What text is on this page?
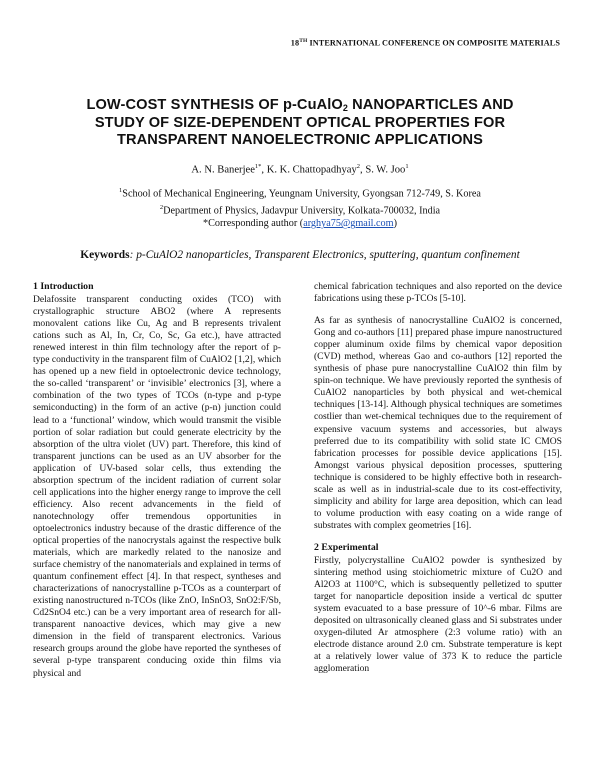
18TH INTERNATIONAL CONFERENCE ON COMPOSITE MATERIALS
LOW-COST SYNTHESIS OF p-CuAlO$_2$ NANOPARTICLES AND
STUDY OF SIZE-DEPENDENT OPTICAL PROPERTIES FOR
TRANSPARENT NANOELECTRONIC APPLICATIONS
A. N. Banerjee$^{1*}$, K. K. Chattopadhyay$^2$, S. W. Joo$^1$
$^1$School of Mechanical Engineering, Yeungnam University, Gyongsan 712-749, S. Korea
$^2$Department of Physics, Jadavpur University, Kolkata-700032, India
*Corresponding author (arghya75@gmail.com)
Keywords: p-CuAlO2 nanoparticles, Transparent Electronics, sputtering, quantum confinement
1 Introduction
Delafossite transparent conducting oxides (TCO) with crystallographic structure ABO2 (where A represents monovalent cations like Cu, Ag and B represents trivalent cations such as Al, In, Cr, Co, Sc, Ga etc.), have attracted renewed interest in thin film technology after the report of p-type conductivity in the transparent film of CuAlO2 [1,2], which has opened up a new field in optoelectronic device technology, the so-called ‘transparent’ or ‘invisible’ electronics [3], where a combination of the two types of TCOs (n-type and p-type semiconducting) in the form of an active (p-n) junction could lead to a ‘functional’ window, which would transmit the visible portion of solar radiation but could generate electricity by the absorption of the ultra violet (UV) part. Therefore, this kind of transparent junctions can be used as an UV absorber for the application of UV-based solar cells, thus extending the absorption spectrum of the incident radiation of current solar cell applications into the higher energy range to improve the cell efficiency. Also recent advancements in the field of nanotechnology offer tremendous opportunities in optoelectronics industry because of the drastic difference of the optical properties of the nanocrystals against the respective bulk materials, which are markedly related to the nanosize and surface chemistry of the nanomaterials and explained in terms of quantum confinement effect [4]. In that respect, syntheses and characterizations of nanocrystalline p-TCOs as a counterpart of existing nanostructured n-TCOs (like ZnO, InSnO3, SnO2:F/Sb, Cd2SnO4 etc.) can be a very important area of research for all-transparent nanoactive devices, which may give a new dimension in the field of transparent electronics. Various research groups around the globe have reported the syntheses of several p-type transparent conducing oxide thin films via physical and
chemical fabrication techniques and also reported on the device fabrications using these p-TCOs [5-10].
As far as synthesis of nanocrystalline CuAlO2 is concerned, Gong and co-authors [11] prepared phase impure nanostructured copper aluminum oxide films by chemical vapor deposition (CVD) method, whereas Gao and co-authors [12] reported the synthesis of phase pure nanocrystalline CuAlO2 thin film by spin-on technique. We have previously reported the synthesis of CuAlO2 nanoparticles by both physical and wet-chemical techniques [13-14]. Although physical techniques are sometimes costlier than wet-chemical techniques due to the requirement of expensive vacuum systems and accessories, but always preferred due to its compatibility with solid state IC CMOS fabrication processes for possible device applications [15]. Amongst various physical deposition processes, sputtering technique is considered to be highly effective both in research-scale as well as in industrial-scale due to its cost-effectivity, simplicity and ability for large area deposition, which can lead to volume production with easy coating on a wide range of substrates with complex geometries [16].
2 Experimental
Firstly, polycrystalline CuAlO2 powder is synthesized by sintering method using stoichiometric mixture of Cu2O and Al2O3 at 1100°C, which is subsequently pelletized to sputter target for nanoparticle deposition inside a vertical dc sputter system evacuated to a base pressure of 10^-6 mbar. Films are deposited on ultrasonically cleaned glass and Si substrates under oxygen-diluted Ar atmosphere (2:3 volume ratio) with an electrode distance around 2.0 cm. Substrate temperature is kept at a relatively lower value of 373 K to reduce the particle agglomeration
